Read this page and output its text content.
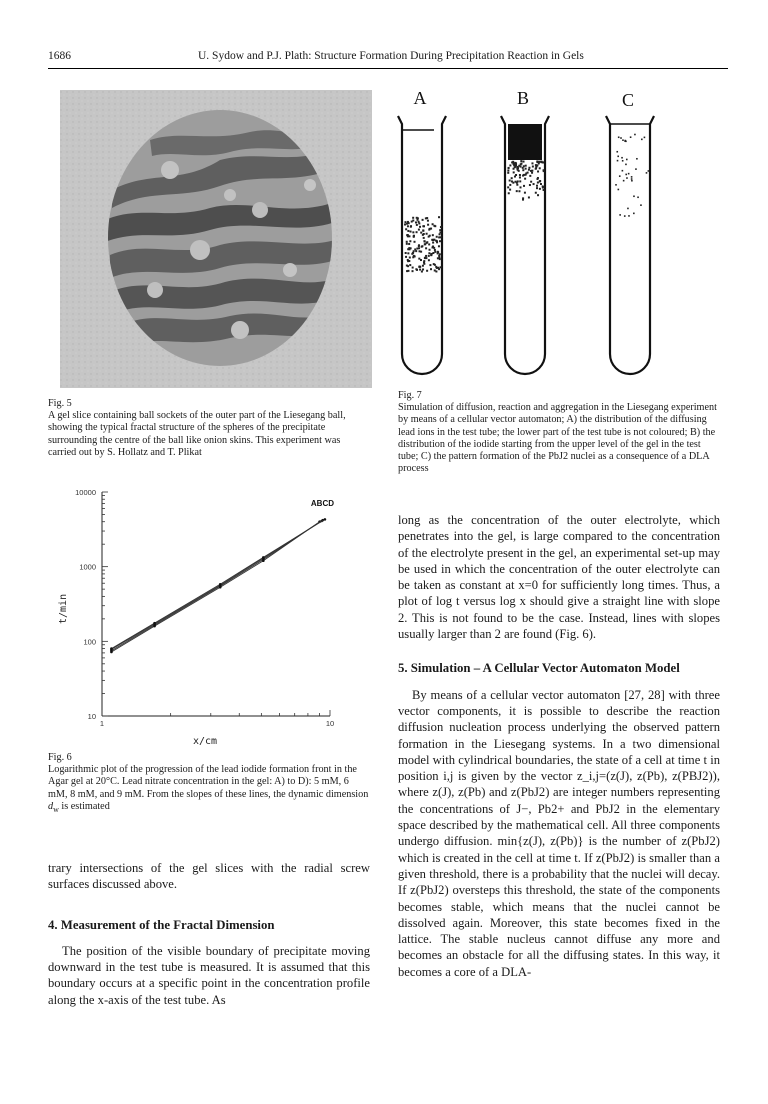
1686	U. Sydow and P.J. Plath: Structure Formation During Precipitation Reaction in Gels
A	B	C

Fig. 5

A gel slice containing ball sockets of the outer part of the Liesegang ball, showing the typical fractal structure of the spheres of the precipitate surrounding the centre of the ball like onion skins. This experiment was carried out by S. Hollatz and T. Plikat

Fig. 7

Simulation of diffusion, reaction and aggregation in the Liesegang experiment by means of a cellular vector automaton; A) the distribution of the diffusing lead ions in the test tube; the lower part of the test tube is not coloured; B) the distribution of the iodide starting from the upper level of the gel in the test tube; C) the pattern formation of the PbJ2 nuclei as a consequence of a DLA process

10
100
1000
10000
1	10
t/min
x/cm
ABCD

Fig. 6

Logarithmic plot of the progression of the lead iodide formation front in the Agar gel at 20°C. Lead nitrate concentration in the gel: A) to D): 5 mM, 6 mM, 8 mM, and 9 mM. From the slopes of these lines, the dynamic dimension $d_w$ is estimated

trary intersections of the gel slices with the radial screw surfaces discussed above.

4. Measurement of the Fractal Dimension

The position of the visible boundary of precipitate moving downward in the test tube is measured. It is assumed that this boundary occurs at a specific point in the concentration profile along the x-axis of the test tube. As

long as the concentration of the outer electrolyte, which penetrates into the gel, is large compared to the concentration of the electrolyte present in the gel, an experimental set-up may be used in which the concentration of the outer electrolyte can be taken as constant at x=0 for sufficiently long times. Thus, a plot of log t versus log x should give a straight line with slope 2. This is not found to be the case. Instead, lines with slopes usually larger than 2 are found (Fig. 6).

5. Simulation – A Cellular Vector Automaton Model

By means of a cellular vector automaton [27, 28] with three vector components, it is possible to describe the reaction diffusion nucleation process underlying the observed pattern formation in the Liesegang systems. In a two dimensional model with cylindrical boundaries, the state of a cell at time t in position i,j is given by the vector z_i,j=(z(J), z(Pb), z(PBJ2)), where z(J), z(Pb) and z(PbJ2) are integer numbers representing the concentrations of J−, Pb2+ and PbJ2 in the elementary space described by the mathematical cell. All three components undergo diffusion. min{z(J), z(Pb)} is the number of z(PbJ2) which is created in the cell at time t. If z(PbJ2) is smaller than a given threshold, there is a probability that the nuclei will decay. If z(PbJ2) oversteps this threshold, the state of the components becomes stable, which means that the nuclei cannot be dissolved again. Moreover, this state becomes fixed in the lattice. The stable nucleus cannot diffuse any more and becomes an obstacle for all the diffusing states. In this way, it becomes a core of a DLA-
